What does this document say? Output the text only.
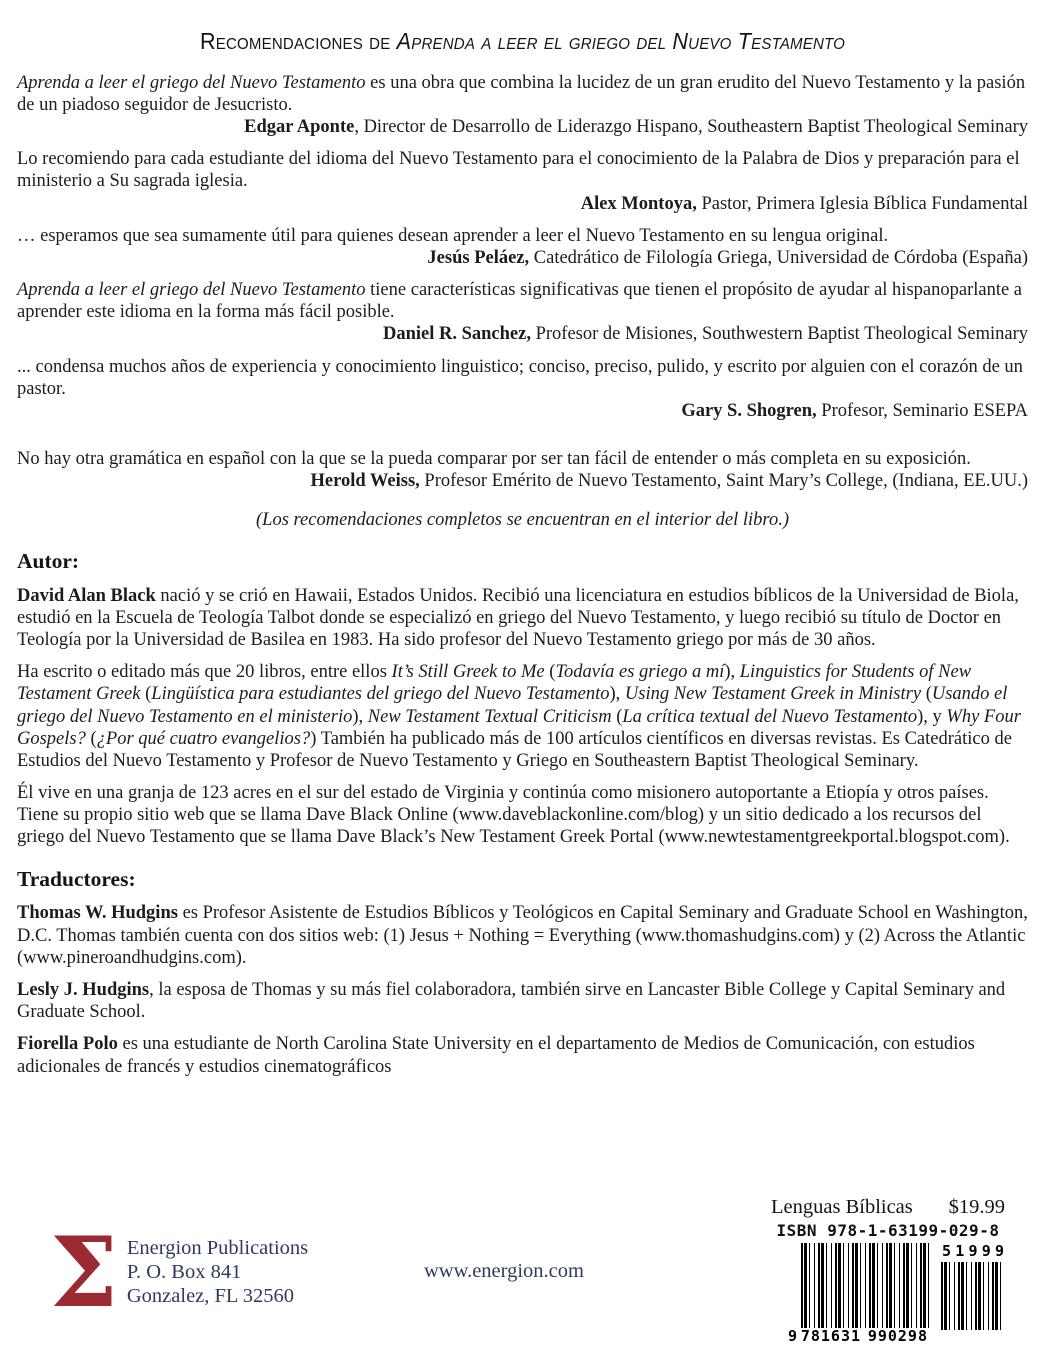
Recomendaciones de Aprenda a leer el griego del Nuevo Testamento

Aprenda a leer el griego del Nuevo Testamento es una obra que combina la lucidez de un gran erudito del Nuevo Testamento y la pasión de un piadoso seguidor de Jesucristo.

Edgar Aponte, Director de Desarrollo de Liderazgo Hispano, Southeastern Baptist Theological Seminary

Lo recomiendo para cada estudiante del idioma del Nuevo Testamento para el conocimiento de la Palabra de Dios y preparación para el ministerio a Su sagrada iglesia.

Alex Montoya, Pastor, Primera Iglesia Bíblica Fundamental

… esperamos que sea sumamente útil para quienes desean aprender a leer el Nuevo Testamento en su lengua original.

Jesús Peláez, Catedrático de Filología Griega, Universidad de Córdoba (España)

Aprenda a leer el griego del Nuevo Testamento tiene características significativas que tienen el propósito de ayudar al hispanoparlante a aprender este idioma en la forma más fácil posible.

Daniel R. Sanchez, Profesor de Misiones, Southwestern Baptist Theological Seminary

... condensa muchos años de experiencia y conocimiento linguistico; conciso, preciso, pulido, y escrito por alguien con el corazón de un pastor.

Gary S. Shogren, Profesor, Seminario ESEPA

No hay otra gramática en español con la que se la pueda comparar por ser tan fácil de entender o más completa en su exposición.

Herold Weiss, Profesor Emérito de Nuevo Testamento, Saint Mary’s College, (Indiana, EE.UU.)

(Los recomendaciones completos se encuentran en el interior del libro.)

Autor:

David Alan Black nació y se crió en Hawaii, Estados Unidos. Recibió una licenciatura en estudios bíblicos de la Universidad de Biola, estudió en la Escuela de Teología Talbot donde se especializó en griego del Nuevo Testamento, y luego recibió su título de Doctor en Teología por la Universidad de Basilea en 1983. Ha sido profesor del Nuevo Testamento griego por más de 30 años.

Ha escrito o editado más que 20 libros, entre ellos It’s Still Greek to Me (Todavía es griego a mí), Linguistics for Students of New Testament Greek (Lingüística para estudiantes del griego del Nuevo Testamento), Using New Testament Greek in Ministry (Usando el griego del Nuevo Testamento en el ministerio), New Testament Textual Criticism (La crítica textual del Nuevo Testamento), y Why Four Gospels? (¿Por qué cuatro evangelios?) También ha publicado más de 100 artículos científicos en diversas revistas. Es Catedrático de Estudios del Nuevo Testamento y Profesor de Nuevo Testamento y Griego en Southeastern Baptist Theological Seminary.

Él vive en una granja de 123 acres en el sur del estado de Virginia y continúa como misionero autoportante a Etiopía y otros países. Tiene su propio sitio web que se llama Dave Black Online (www.daveblackonline.com/blog) y un sitio dedicado a los recursos del griego del Nuevo Testamento que se llama Dave Black’s New Testament Greek Portal (www.newtestamentgreekportal.blogspot.com).

Traductores:

Thomas W. Hudgins es Profesor Asistente de Estudios Bíblicos y Teológicos en Capital Seminary and Graduate School en Washington, D.C. Thomas también cuenta con dos sitios web: (1) Jesus + Nothing = Everything (www.thomashudgins.com) y (2) Across the Atlantic (www.pineroandhudgins.com).

Lesly J. Hudgins, la esposa de Thomas y su más fiel colaboradora, también sirve en Lancaster Bible College y Capital Seminary and Graduate School.

Fiorella Polo es una estudiante de North Carolina State University en el departamento de Medios de Comunicación, con estudios adicionales de francés y estudios cinematográficos

Σ Energion Publications
P. O. Box 841
Gonzalez, FL 32560
www.energion.com
Lenguas Bíblicas $19.99
ISBN 978-1-63199-029-8
9 781631 990298
5 1 9 9 9
